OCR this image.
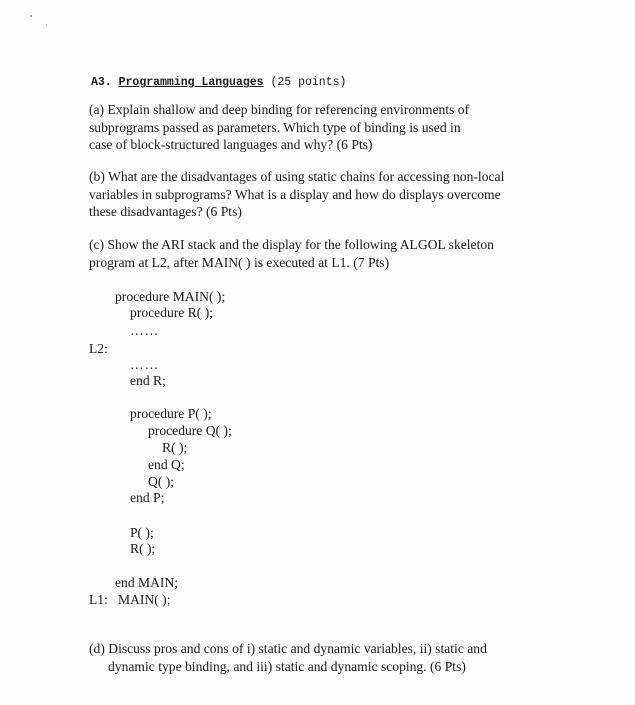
A3. Programming Languages (25 points)
(a) Explain shallow and deep binding for referencing environments of
subprograms passed as parameters. Which type of binding is used in
case of block-structured languages and why? (6 Pts)
(b) What are the disadvantages of using static chains for accessing non-local
variables in subprograms? What is a display and how do displays overcome
these disadvantages? (6 Pts)
(c) Show the ARI stack and the display for the following ALGOL skeleton
program at L2, after MAIN( ) is executed at L1. (7 Pts)
procedure MAIN( );
procedure R( );
……
L2:
……
end R;
procedure P( );
procedure Q( );
R( );
end Q;
Q( );
end P;
P( );
R( );
end MAIN;
L1: MAIN( );
(d) Discuss pros and cons of i) static and dynamic variables, ii) static and
dynamic type binding, and iii) static and dynamic scoping. (6 Pts)
